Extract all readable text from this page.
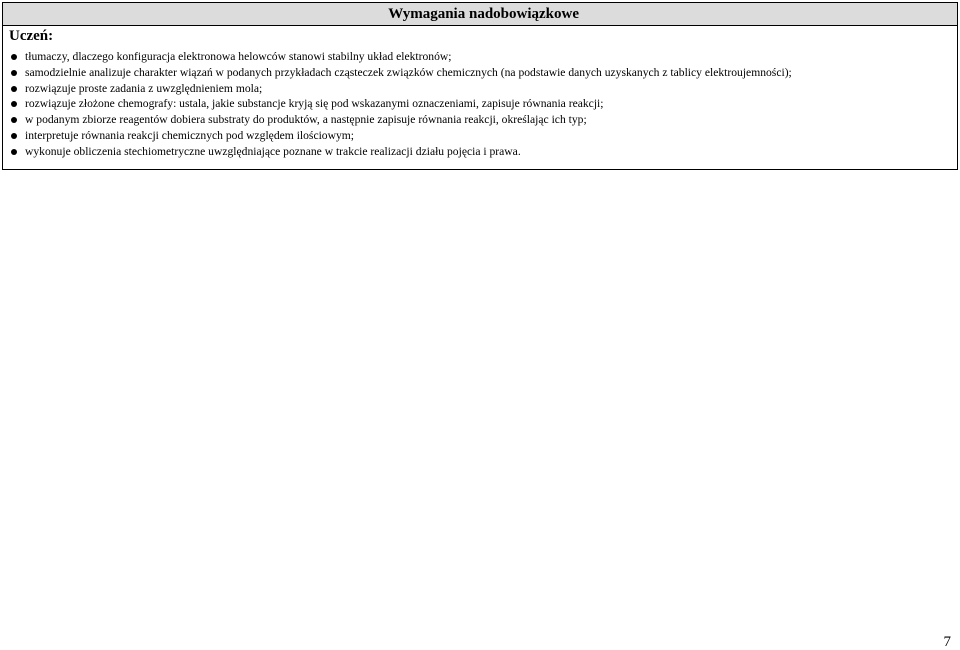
Wymagania nadobowiązkowe
Uczeń:
tłumaczy, dlaczego konfiguracja elektronowa helowców stanowi stabilny układ elektronów;
samodzielnie analizuje charakter wiązań w podanych przykładach cząsteczek związków chemicznych (na podstawie danych uzyskanych z tablicy elektroujemności);
rozwiązuje proste zadania z uwzględnieniem mola;
rozwiązuje złożone chemografy: ustala, jakie substancje kryją się pod wskazanymi oznaczeniami, zapisuje równania reakcji;
w podanym zbiorze reagentów dobiera substraty do produktów, a następnie zapisuje równania reakcji, określając ich typ;
interpretuje równania reakcji chemicznych pod względem ilościowym;
wykonuje obliczenia stechiometryczne uwzględniające poznane w trakcie realizacji działu pojęcia i prawa.
7
